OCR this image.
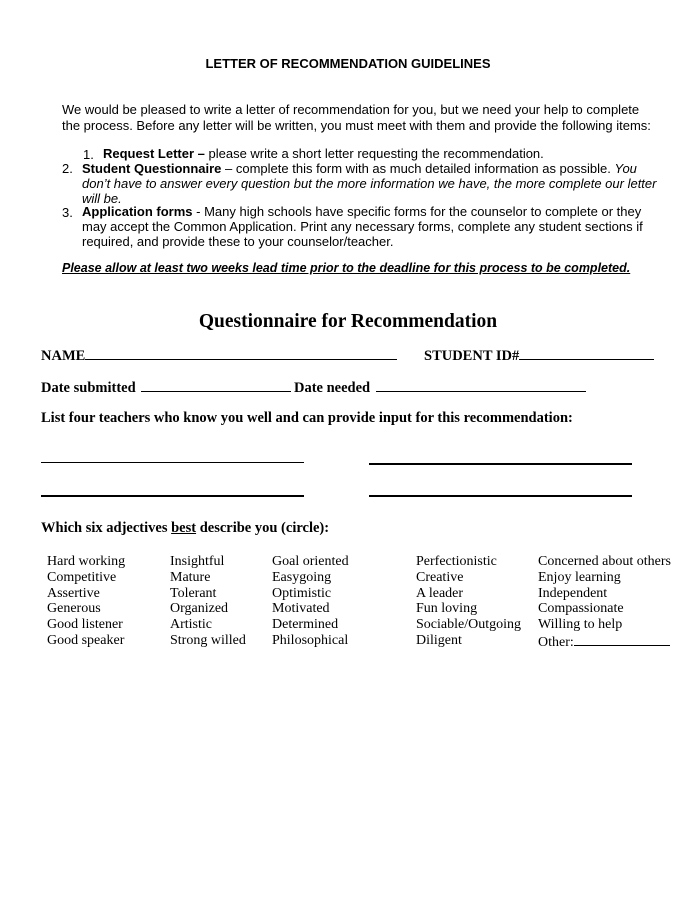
LETTER OF RECOMMENDATION GUIDELINES
We would be pleased to write a letter of recommendation for you, but we need your help to complete the process. Before any letter will be written, you must meet with them and provide the following items:
1. Request Letter – please write a short letter requesting the recommendation.
2. Student Questionnaire – complete this form with as much detailed information as possible. You don’t have to answer every question but the more information we have, the more complete our letter will be.
3. Application forms - Many high schools have specific forms for the counselor to complete or they may accept the Common Application. Print any necessary forms, complete any student sections if required, and provide these to your counselor/teacher.
Please allow at least two weeks lead time prior to the deadline for this process to be completed.
Questionnaire for Recommendation
NAME	STUDENT ID#
Date submitted	Date needed
List four teachers who know you well and can provide input for this recommendation:
Which six adjectives best describe you (circle):
Hard working
Competitive
Assertive
Generous
Good listener
Good speaker
Insightful
Mature
Tolerant
Organized
Artistic
Strong willed
Goal oriented
Easygoing
Optimistic
Motivated
Determined
Philosophical
Perfectionistic
Creative
A leader
Fun loving
Sociable/Outgoing
Diligent
Concerned about others
Enjoy learning
Independent
Compassionate
Willing to help
Other:
